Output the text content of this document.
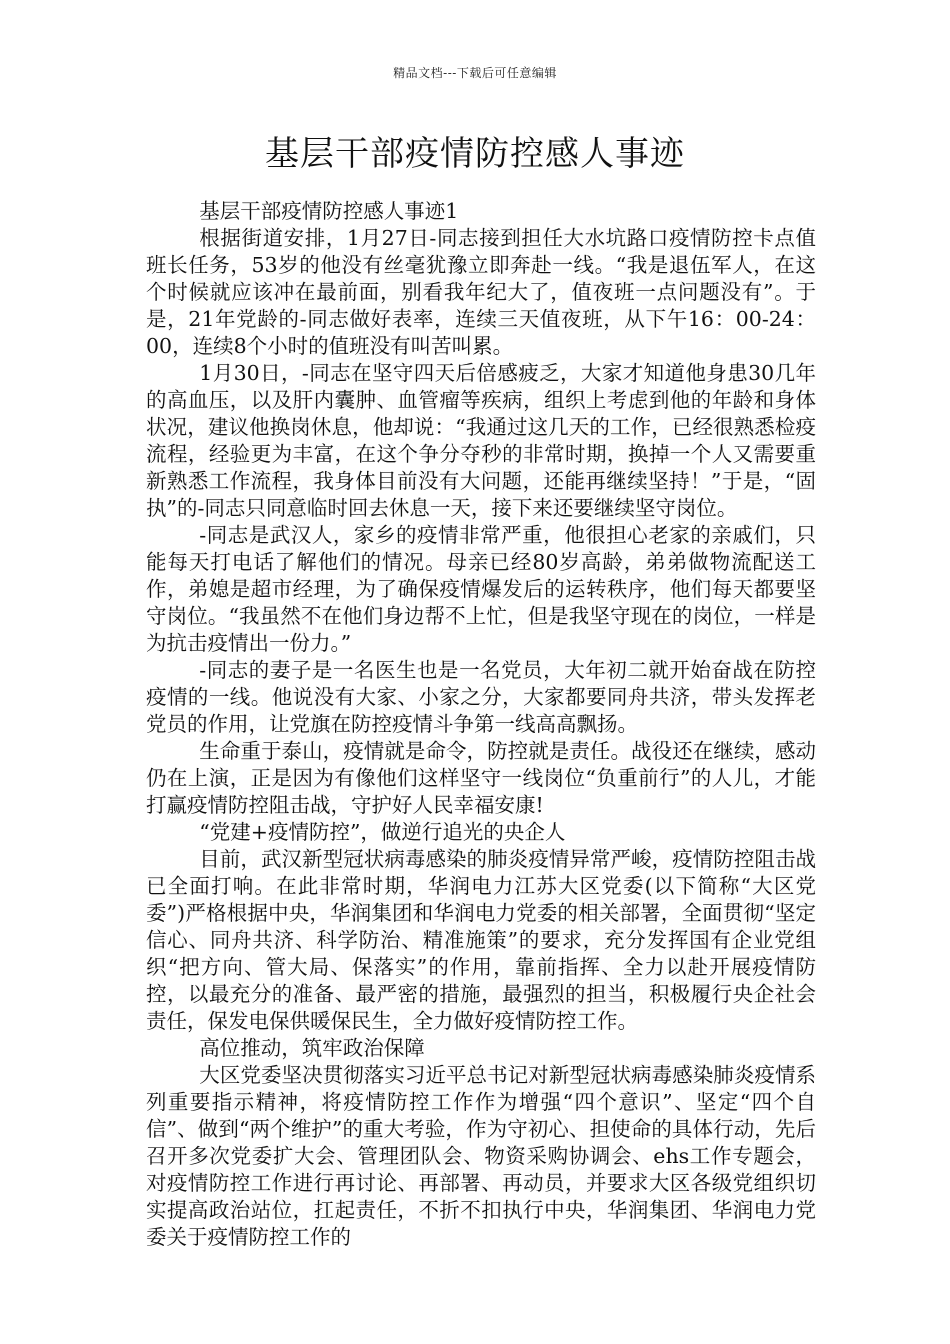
精品文档---下载后可任意编辑
基层干部疫情防控感人事迹

基层干部疫情防控感人事迹1

根据街道安排，1月27日-同志接到担任大水坑路口疫情防控卡点值班长任务，53岁的他没有丝毫犹豫立即奔赴一线。“我是退伍军人，在这个时候就应该冲在最前面，别看我年纪大了，值夜班一点问题没有”。于是，21年党龄的-同志做好表率，连续三天值夜班，从下午16：00-24：00，连续8个小时的值班没有叫苦叫累。

1月30日，-同志在坚守四天后倍感疲乏，大家才知道他身患30几年的高血压，以及肝内囊肿、血管瘤等疾病，组织上考虑到他的年龄和身体状况，建议他换岗休息，他却说：“我通过这几天的工作，已经很熟悉检疫流程，经验更为丰富，在这个争分夺秒的非常时期，换掉一个人又需要重新熟悉工作流程，我身体目前没有大问题，还能再继续坚持！”于是，“固执”的-同志只同意临时回去休息一天，接下来还要继续坚守岗位。

-同志是武汉人，家乡的疫情非常严重，他很担心老家的亲戚们，只能每天打电话了解他们的情况。母亲已经80岁高龄，弟弟做物流配送工作，弟媳是超市经理，为了确保疫情爆发后的运转秩序，他们每天都要坚守岗位。“我虽然不在他们身边帮不上忙，但是我坚守现在的岗位，一样是为抗击疫情出一份力。”

-同志的妻子是一名医生也是一名党员，大年初二就开始奋战在防控疫情的一线。他说没有大家、小家之分，大家都要同舟共济，带头发挥老党员的作用，让党旗在防控疫情斗争第一线高高飘扬。

生命重于泰山，疫情就是命令，防控就是责任。战役还在继续，感动仍在上演，正是因为有像他们这样坚守一线岗位“负重前行”的人儿，才能打赢疫情防控阻击战，守护好人民幸福安康!

“党建+疫情防控”，做逆行追光的央企人

目前，武汉新型冠状病毒感染的肺炎疫情异常严峻，疫情防控阻击战已全面打响。在此非常时期，华润电力江苏大区党委(以下简称“大区党委”)严格根据中央，华润集团和华润电力党委的相关部署，全面贯彻“坚定信心、同舟共济、科学防治、精准施策”的要求，充分发挥国有企业党组织“把方向、管大局、保落实”的作用，靠前指挥、全力以赴开展疫情防控，以最充分的准备、最严密的措施，最强烈的担当，积极履行央企社会责任，保发电保供暖保民生，全力做好疫情防控工作。

高位推动，筑牢政治保障

大区党委坚决贯彻落实习近平总书记对新型冠状病毒感染肺炎疫情系列重要指示精神，将疫情防控工作作为增强“四个意识”、坚定“四个自信”、做到“两个维护”的重大考验，作为守初心、担使命的具体行动，先后召开多次党委扩大会、管理团队会、物资采购协调会、ehs工作专题会，对疫情防控工作进行再讨论、再部署、再动员，并要求大区各级党组织切实提高政治站位，扛起责任，不折不扣执行中央，华润集团、华润电力党委关于疫情防控工作的
